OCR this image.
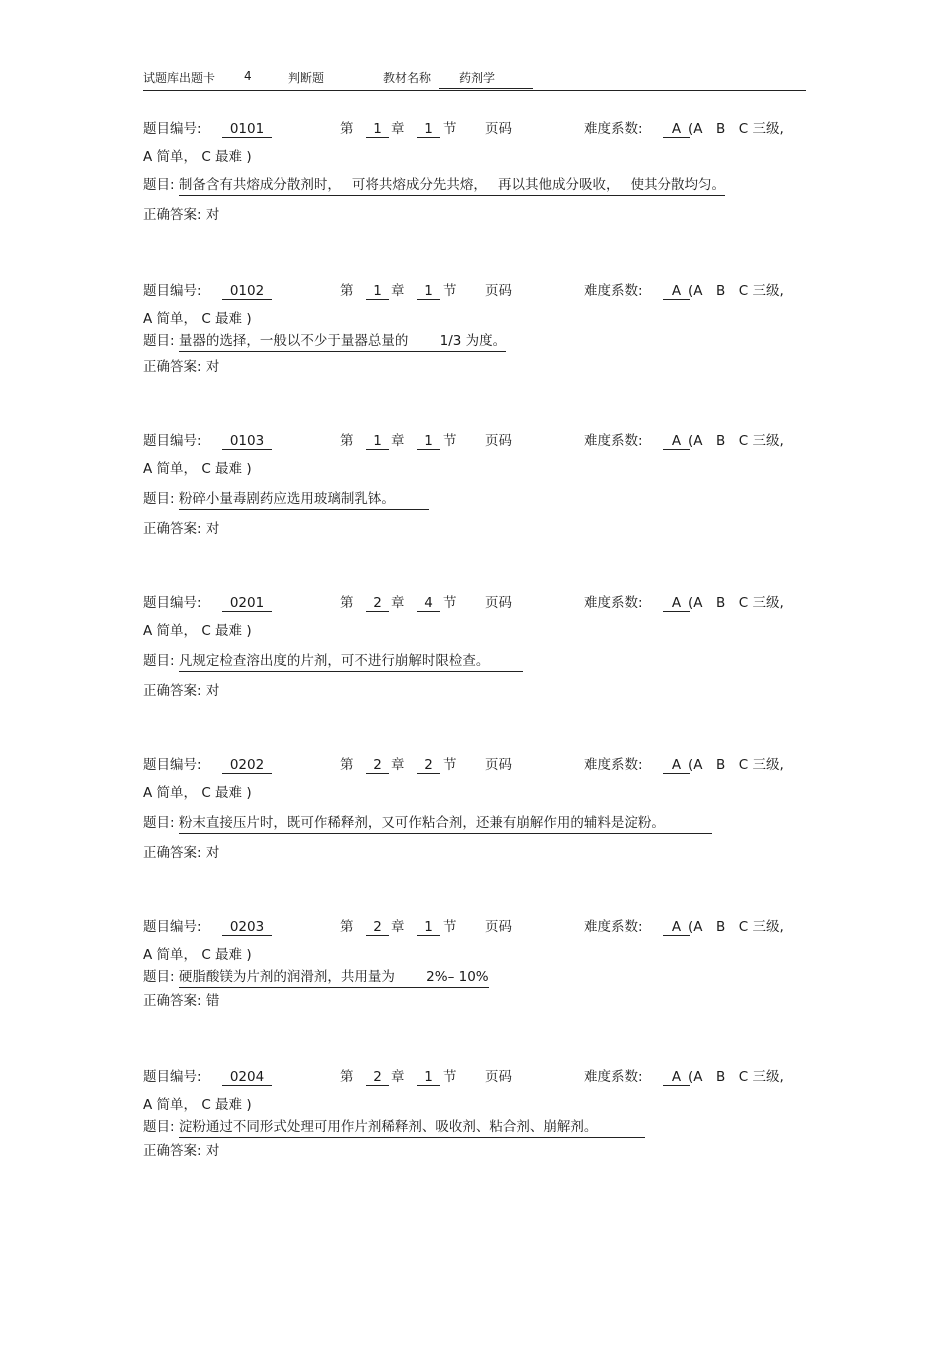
试题库出题卡 4	判断题	教材名称	药剂学
题目编号:	0101	第	1 章	1 节 页码	难度系数:	A (A　B　C 三级,
A 简单， C 最难 )
题目: 制备含有共熔成分散剂时，　 可将共熔成分先共熔，　 再以其他成分吸收，　 使其分散均匀。
正确答案: 对
题目编号:	0102	第	1 章	1 节 页码	难度系数:	A (A　B　C 三级,
A 简单， C 最难 )
题目: 量器的选择，一般以不少于量器总量的　　 1/3 为度。
正确答案: 对
题目编号:	0103	第	1 章	1 节 页码	难度系数:	A (A　B　C 三级,
A 简单， C 最难 )
题目: 粉碎小量毒剧药应选用玻璃制乳钵。　　　
正确答案: 对
题目编号:	0201	第	2 章	4 节 页码	难度系数:	A (A　B　C 三级,
A 简单， C 最难 )
题目: 凡规定检查溶出度的片剂，可不进行崩解时限检查。　　　
正确答案: 对
题目编号:	0202	第	2 章	2 节 页码	难度系数:	A (A　B　C 三级,
A 简单， C 最难 )
题目: 粉末直接压片时，既可作稀释剂，又可作粘合剂，还兼有崩解作用的辅料是淀粉。　　　　
正确答案: 对
题目编号:	0203	第	2 章	1 节 页码	难度系数:	A (A　B　C 三级,
A 简单， C 最难 )
题目: 硬脂酸镁为片剂的润滑剂，共用量为　　 2%– 10%
正确答案: 错
题目编号:	0204	第	2 章	1 节 页码	难度系数:	A (A　B　C 三级,
A 简单， C 最难 )
题目: 淀粉通过不同形式处理可用作片剂稀释剂、吸收剂、粘合剂、崩解剂。　　　　
正确答案: 对
